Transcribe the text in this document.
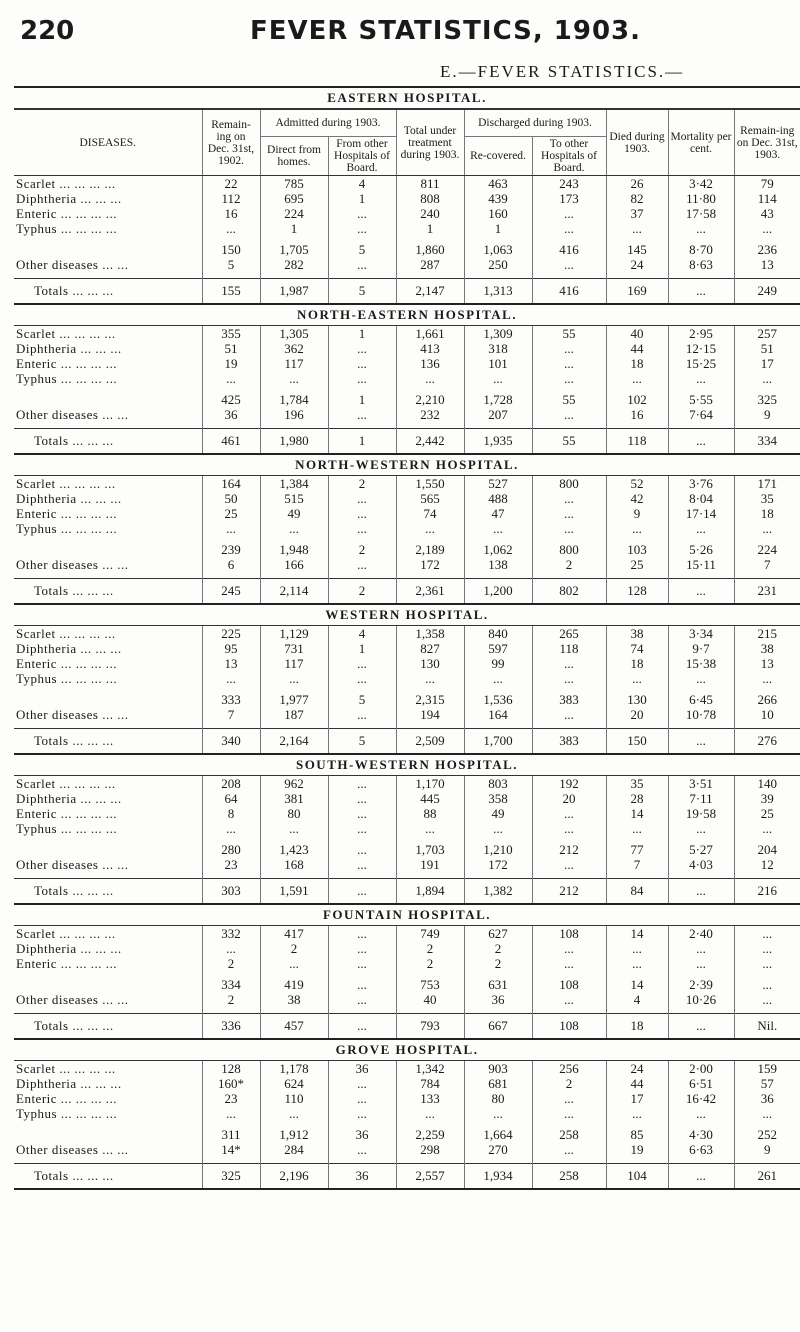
220	FEVER STATISTICS, 1903.
E.—FEVER STATISTICS.—
EASTERN HOSPITAL.									
DISEASES.	Remain-ing on Dec. 31st, 1902.	Admitted during 1903.		Total under treatment during 1903.	Discharged during 1903.		Died during 1903.	Mortality per cent.	Remain-ing on Dec. 31st, 1903.
		Direct from homes.	From other Hospitals of Board.		Re-covered.	To other Hospitals of Board.			
Scarlet ... ... ... ...	22	785	4	811	463	243	26	3·42	79
Diphtheria ... ... ...	112	695	1	808	439	173	82	11·80	114
Enteric ... ... ... ...	16	224	...	240	160	...	37	17·58	43
Typhus ... ... ... ...	...	1	...	1	1	...	...	...	...

	150	1,705	5	1,860	1,063	416	145	8·70	236
Other diseases ... ...	5	282	...	287	250	...	24	8·63	13

Totals ... ... ...	155	1,987	5	2,147	1,313	416	169	...	249
NORTH-EASTERN HOSPITAL.									
Scarlet ... ... ... ...	355	1,305	1	1,661	1,309	55	40	2·95	257
Diphtheria ... ... ...	51	362	...	413	318	...	44	12·15	51
Enteric ... ... ... ...	19	117	...	136	101	...	18	15·25	17
Typhus ... ... ... ...	...	...	...	...	...	...	...	...	...

	425	1,784	1	2,210	1,728	55	102	5·55	325
Other diseases ... ...	36	196	...	232	207	...	16	7·64	9

Totals ... ... ...	461	1,980	1	2,442	1,935	55	118	...	334
NORTH-WESTERN HOSPITAL.									
Scarlet ... ... ... ...	164	1,384	2	1,550	527	800	52	3·76	171
Diphtheria ... ... ...	50	515	...	565	488	...	42	8·04	35
Enteric ... ... ... ...	25	49	...	74	47	...	9	17·14	18
Typhus ... ... ... ...	...	...	...	...	...	...	...	...	...

	239	1,948	2	2,189	1,062	800	103	5·26	224
Other diseases ... ...	6	166	...	172	138	2	25	15·11	7

Totals ... ... ...	245	2,114	2	2,361	1,200	802	128	...	231
WESTERN HOSPITAL.									
Scarlet ... ... ... ...	225	1,129	4	1,358	840	265	38	3·34	215
Diphtheria ... ... ...	95	731	1	827	597	118	74	9·7	38
Enteric ... ... ... ...	13	117	...	130	99	...	18	15·38	13
Typhus ... ... ... ...	...	...	...	...	...	...	...	...	...

	333	1,977	5	2,315	1,536	383	130	6·45	266
Other diseases ... ...	7	187	...	194	164	...	20	10·78	10

Totals ... ... ...	340	2,164	5	2,509	1,700	383	150	...	276
SOUTH-WESTERN HOSPITAL.									
Scarlet ... ... ... ...	208	962	...	1,170	803	192	35	3·51	140
Diphtheria ... ... ...	64	381	...	445	358	20	28	7·11	39
Enteric ... ... ... ...	8	80	...	88	49	...	14	19·58	25
Typhus ... ... ... ...	...	...	...	...	...	...	...	...	...

	280	1,423	...	1,703	1,210	212	77	5·27	204
Other diseases ... ...	23	168	...	191	172	...	7	4·03	12

Totals ... ... ...	303	1,591	...	1,894	1,382	212	84	...	216
FOUNTAIN HOSPITAL.									
Scarlet ... ... ... ...	332	417	...	749	627	108	14	2·40	...
Diphtheria ... ... ...	...	2	...	2	2	...	...	...	...
Enteric ... ... ... ...	2	...	...	2	2	...	...	...	...

	334	419	...	753	631	108	14	2·39	...
Other diseases ... ...	2	38	...	40	36	...	4	10·26	...

Totals ... ... ...	336	457	...	793	667	108	18	...	Nil.
GROVE HOSPITAL.									
Scarlet ... ... ... ...	128	1,178	36	1,342	903	256	24	2·00	159
Diphtheria ... ... ...	160*	624	...	784	681	2	44	6·51	57
Enteric ... ... ... ...	23	110	...	133	80	...	17	16·42	36
Typhus ... ... ... ...	...	...	...	...	...	...	...	...	...

	311	1,912	36	2,259	1,664	258	85	4·30	252
Other diseases ... ...	14*	284	...	298	270	...	19	6·63	9

Totals ... ... ...	325	2,196	36	2,557	1,934	258	104	...	261
